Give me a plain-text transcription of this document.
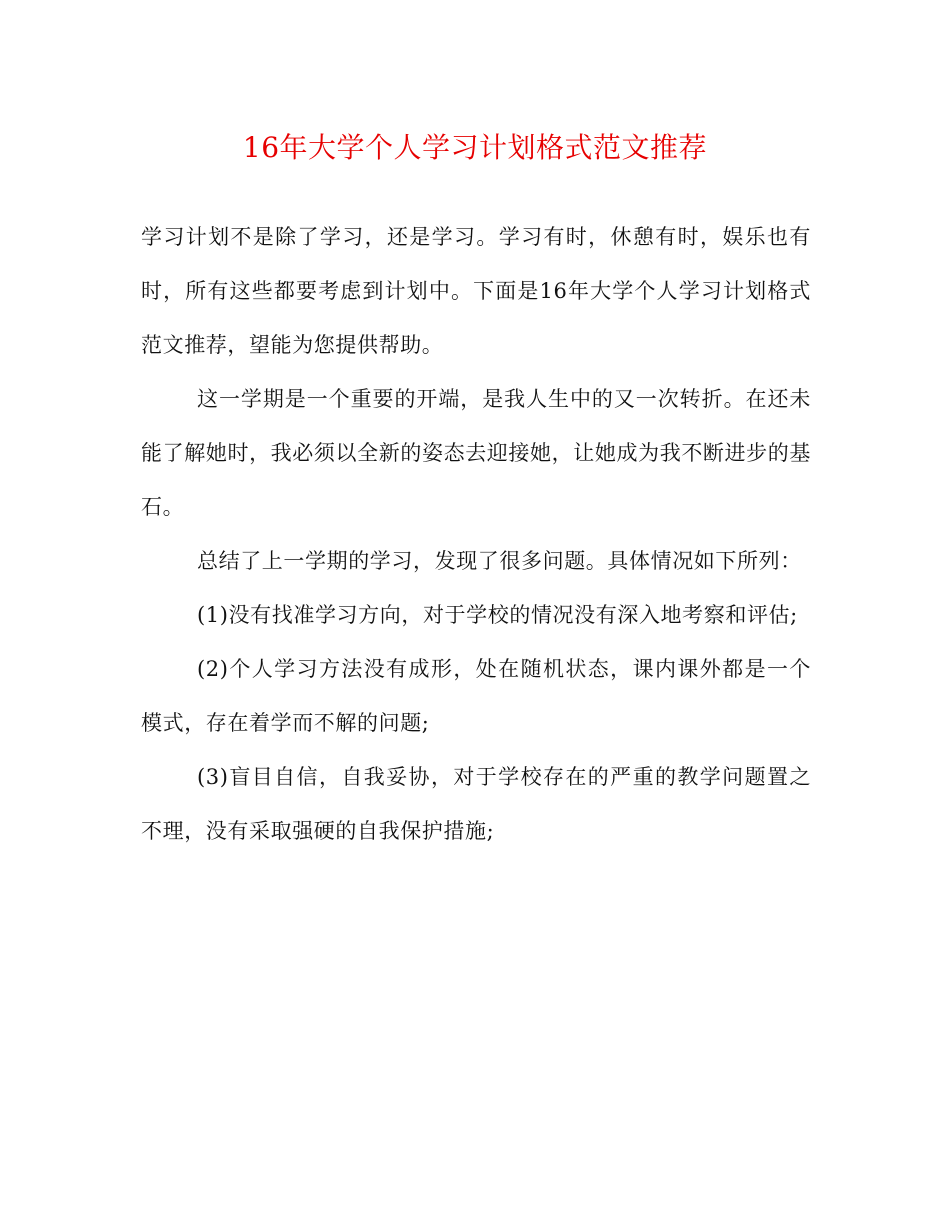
16年大学个人学习计划格式范文推荐

学习计划不是除了学习，还是学习。学习有时，休憩有时，娱乐也有时，所有这些都要考虑到计划中。下面是16年大学个人学习计划格式范文推荐，望能为您提供帮助。

这一学期是一个重要的开端，是我人生中的又一次转折。在还未能了解她时，我必须以全新的姿态去迎接她，让她成为我不断进步的基石。

总结了上一学期的学习，发现了很多问题。具体情况如下所列：

(1)没有找准学习方向，对于学校的情况没有深入地考察和评估;

(2)个人学习方法没有成形，处在随机状态，课内课外都是一个模式，存在着学而不解的问题;

(3)盲目自信，自我妥协，对于学校存在的严重的教学问题置之不理，没有采取强硬的自我保护措施;
